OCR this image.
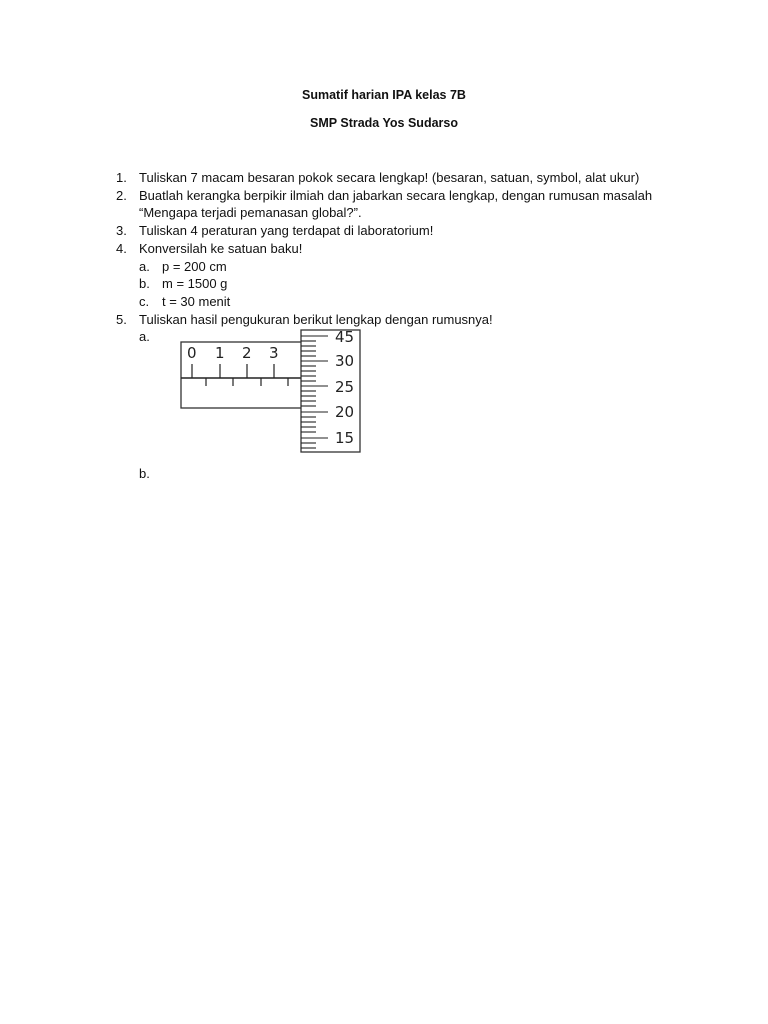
Sumatif harian IPA kelas 7B
SMP Strada Yos Sudarso
1. Tuliskan 7 macam besaran pokok secara lengkap! (besaran, satuan, symbol, alat ukur)
2. Buatlah kerangka berpikir ilmiah dan jabarkan secara lengkap, dengan rumusan masalah
“Mengapa terjadi pemanasan global?”.
3. Tuliskan 4 peraturan yang terdapat di laboratorium!
4. Konversilah ke satuan baku!
a. p = 200 cm
b. m = 1500 g
c. t = 30 menit
5. Tuliskan hasil pengukuran berikut lengkap dengan rumusnya!
a.
b.
0 1 2 3
45
30
25
20
15
